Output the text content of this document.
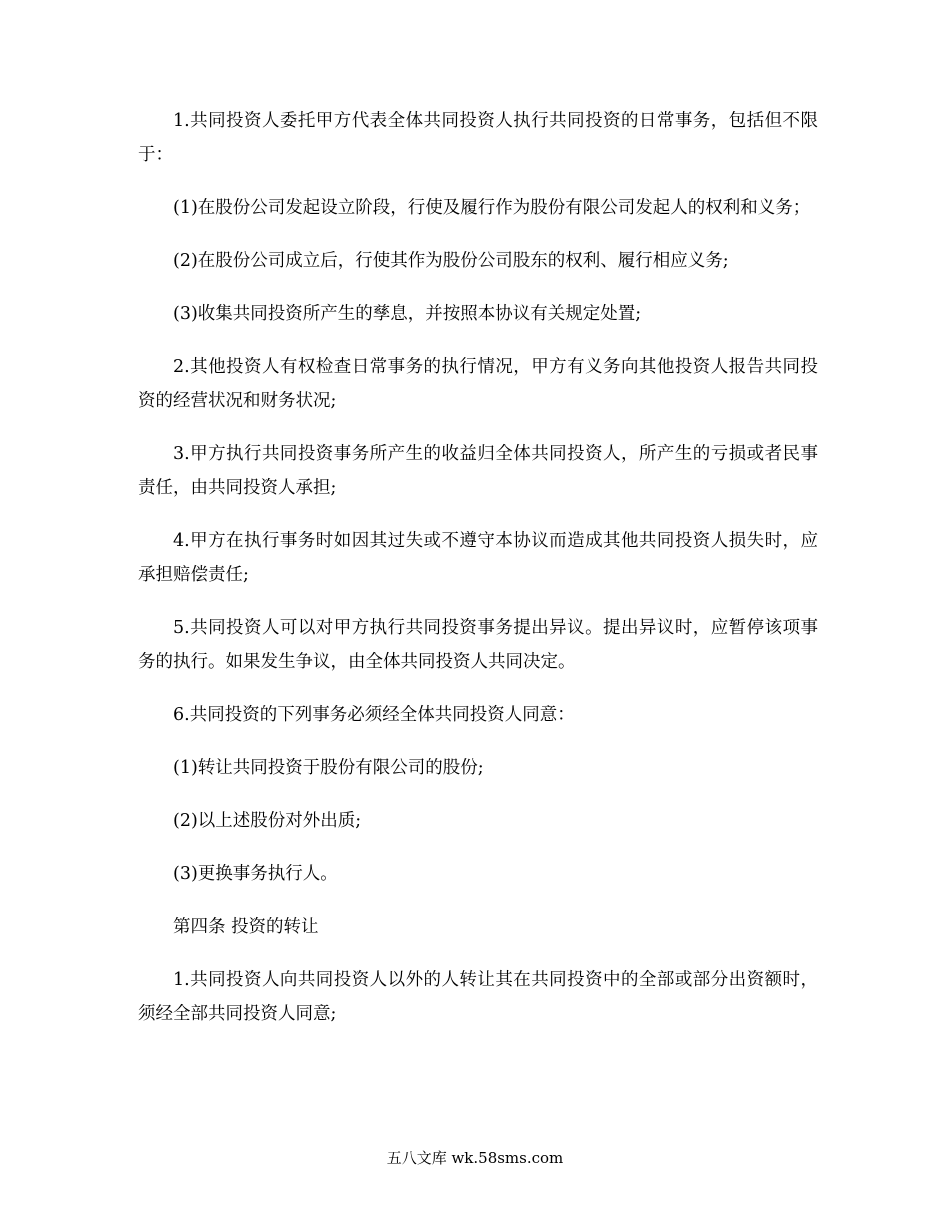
1.共同投资人委托甲方代表全体共同投资人执行共同投资的日常事务，包括但不限于：

(1)在股份公司发起设立阶段，行使及履行作为股份有限公司发起人的权利和义务；

(2)在股份公司成立后，行使其作为股份公司股东的权利、履行相应义务;

(3)收集共同投资所产生的孳息，并按照本协议有关规定处置;

2.其他投资人有权检查日常事务的执行情况，甲方有义务向其他投资人报告共同投资的经营状况和财务状况;

3.甲方执行共同投资事务所产生的收益归全体共同投资人，所产生的亏损或者民事责任，由共同投资人承担;

4.甲方在执行事务时如因其过失或不遵守本协议而造成其他共同投资人损失时，应承担赔偿责任;

5.共同投资人可以对甲方执行共同投资事务提出异议。提出异议时，应暂停该项事务的执行。如果发生争议，由全体共同投资人共同决定。

6.共同投资的下列事务必须经全体共同投资人同意：

(1)转让共同投资于股份有限公司的股份;

(2)以上述股份对外出质;

(3)更换事务执行人。

第四条 投资的转让

1.共同投资人向共同投资人以外的人转让其在共同投资中的全部或部分出资额时，须经全部共同投资人同意;

五八文库 wk.58sms.com
